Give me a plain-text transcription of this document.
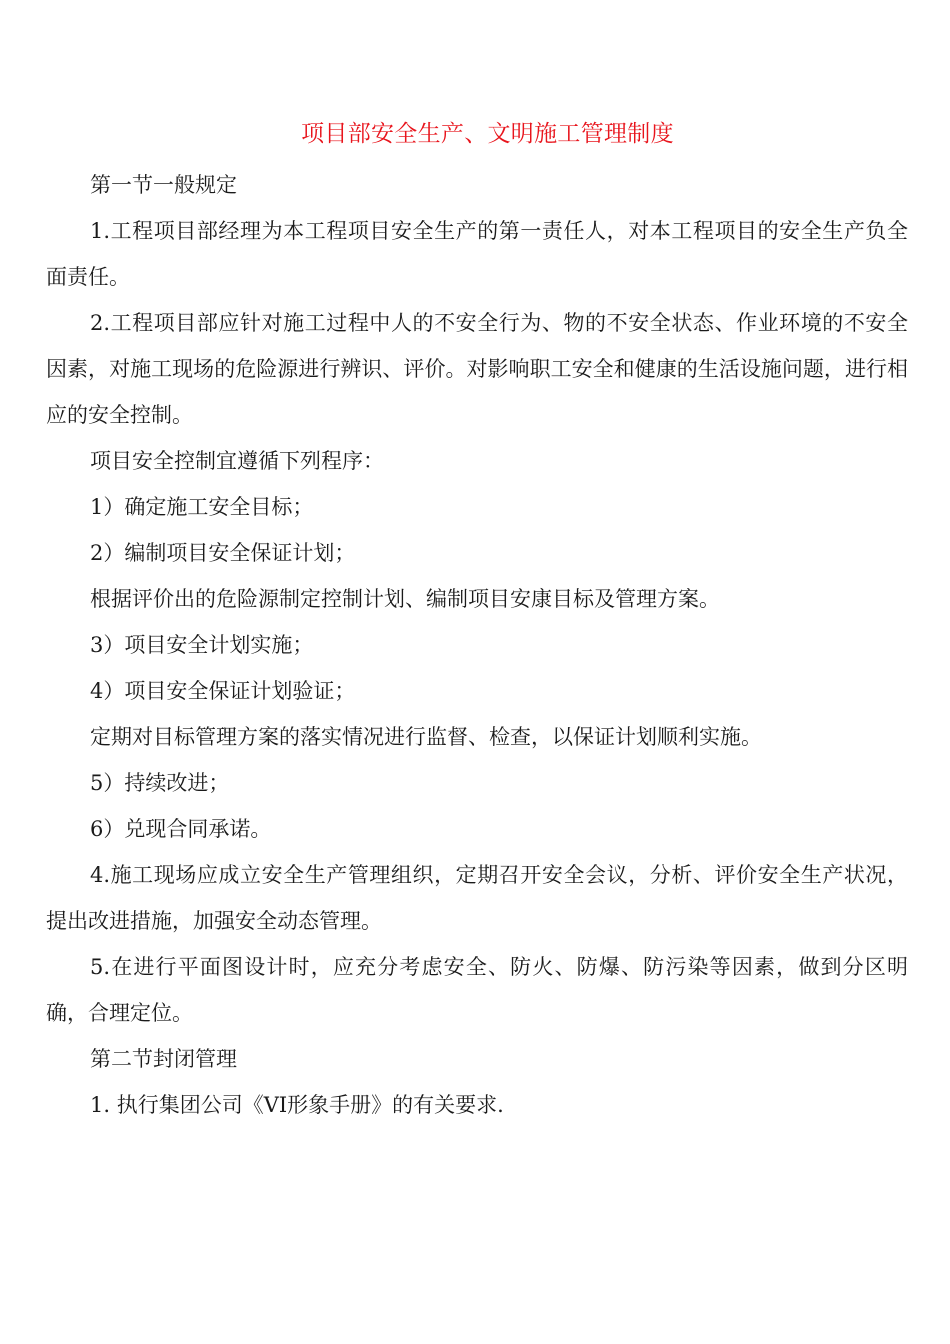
项目部安全生产、文明施工管理制度

第一节一般规定

1.工程项目部经理为本工程项目安全生产的第一责任人，对本工程项目的安全生产负全面责任。

2.工程项目部应针对施工过程中人的不安全行为、物的不安全状态、作业环境的不安全因素，对施工现场的危险源进行辨识、评价。对影响职工安全和健康的生活设施问题，进行相应的安全控制。

项目安全控制宜遵循下列程序：

1）确定施工安全目标；

2）编制项目安全保证计划；

根据评价出的危险源制定控制计划、编制项目安康目标及管理方案。

3）项目安全计划实施；

4）项目安全保证计划验证；

定期对目标管理方案的落实情况进行监督、检查，以保证计划顺利实施。

5）持续改进；

6）兑现合同承诺。

4.施工现场应成立安全生产管理组织，定期召开安全会议，分析、评价安全生产状况，提出改进措施，加强安全动态管理。

5.在进行平面图设计时，应充分考虑安全、防火、防爆、防污染等因素，做到分区明确，合理定位。

第二节封闭管理

1. 执行集团公司《VI形象手册》的有关要求.
